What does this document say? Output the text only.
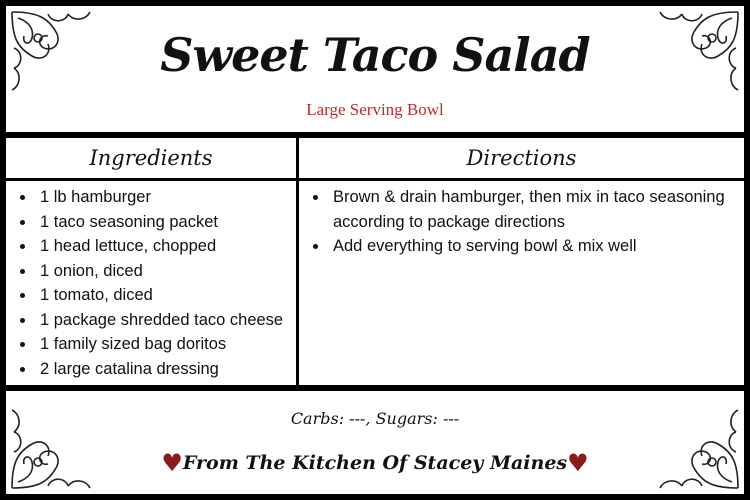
Sweet Taco Salad
Large Serving Bowl
Ingredients	Directions
• 1 lb hamburger
• 1 taco seasoning packet
• 1 head lettuce, chopped
• 1 onion, diced
• 1 tomato, diced
• 1 package shredded taco cheese
• 1 family sized bag doritos
• 2 large catalina dressing
• Brown & drain hamburger, then mix in taco seasoning according to package directions
• Add everything to serving bowl & mix well
Carbs: ---, Sugars: ---
♥From The Kitchen Of Stacey Maines♥
